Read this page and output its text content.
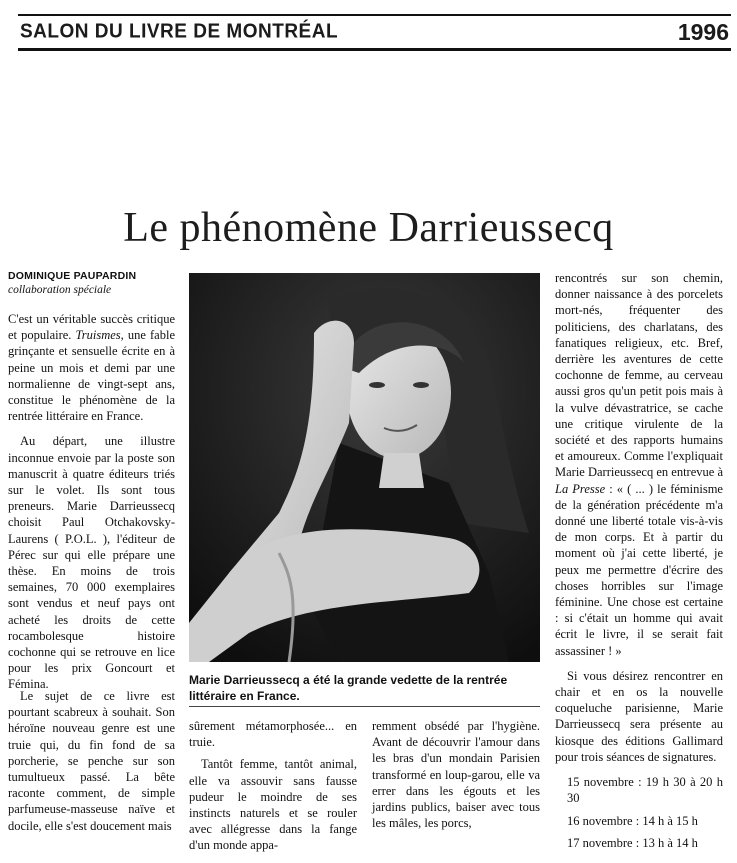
SALON DU LIVRE DE MONTRÉAL	1996
Le phénomène Darrieussecq
DOMINIQUE PAUPARDIN
collaboration spéciale

C'est un véritable succès critique et populaire. Truismes, une fable grinçante et sensuelle écrite en à peine un mois et demi par une normalienne de vingt-sept ans, constitue le phénomène de la rentrée littéraire en France.

Au départ, une illustre inconnue envoie par la poste son manuscrit à quatre éditeurs triés sur le volet. Ils sont tous preneurs. Marie Darrieussecq choisit Paul Otchakovsky-Laurens ( P.O.L. ), l'éditeur de Pérec sur qui elle prépare une thèse. En moins de trois semaines, 70 000 exemplaires sont vendus et neuf pays ont acheté les droits de cette rocambolesque histoire cochonne qui se retrouve en lice pour les prix Goncourt et Fémina.

Le sujet de ce livre est pourtant scabreux à souhait. Son héroïne nouveau genre est une truie qui, du fin fond de sa porcherie, se penche sur son tumultueux passé. La bête raconte comment, de simple parfumeuse-masseuse naïve et docile, elle s'est doucement mais

Marie Darrieussecq a été la grande vedette de la rentrée littéraire en France.

sûrement métamorphosée... en truie.

Tantôt femme, tantôt animal, elle va assouvir sans fausse pudeur le moindre de ses instincts naturels et se rouler avec allégresse dans la fange d'un monde appa-

remment obsédé par l'hygiène. Avant de découvrir l'amour dans les bras d'un mondain Parisien transformé en loup-garou, elle va errer dans les égouts et les jardins publics, baiser avec tous les mâles, les porcs,

rencontrés sur son chemin, donner naissance à des porcelets mort-nés, fréquenter des politiciens, des charlatans, des fanatiques religieux, etc. Bref, derrière les aventures de cette cochonne de femme, au cerveau aussi gros qu'un petit pois mais à la vulve dévastratrice, se cache une critique virulente de la société et des rapports humains et amoureux. Comme l'expliquait Marie Darrieussecq en entrevue à La Presse : « ( ... ) le féminisme de la génération précédente m'a donné une liberté totale vis-à-vis de mon corps. Et à partir du moment où j'ai cette liberté, je peux me permettre d'écrire des choses horribles sur l'image féminine. Une chose est certaine : si c'était un homme qui avait écrit le livre, il se serait fait assassiner ! »

Si vous désirez rencontrer en chair et en os la nouvelle coqueluche parisienne, Marie Darrieussecq sera présente au kiosque des éditions Gallimard pour trois séances de signatures.

15 novembre : 19 h 30 à 20 h 30

16 novembre : 14 h à 15 h

17 novembre : 13 h à 14 h
